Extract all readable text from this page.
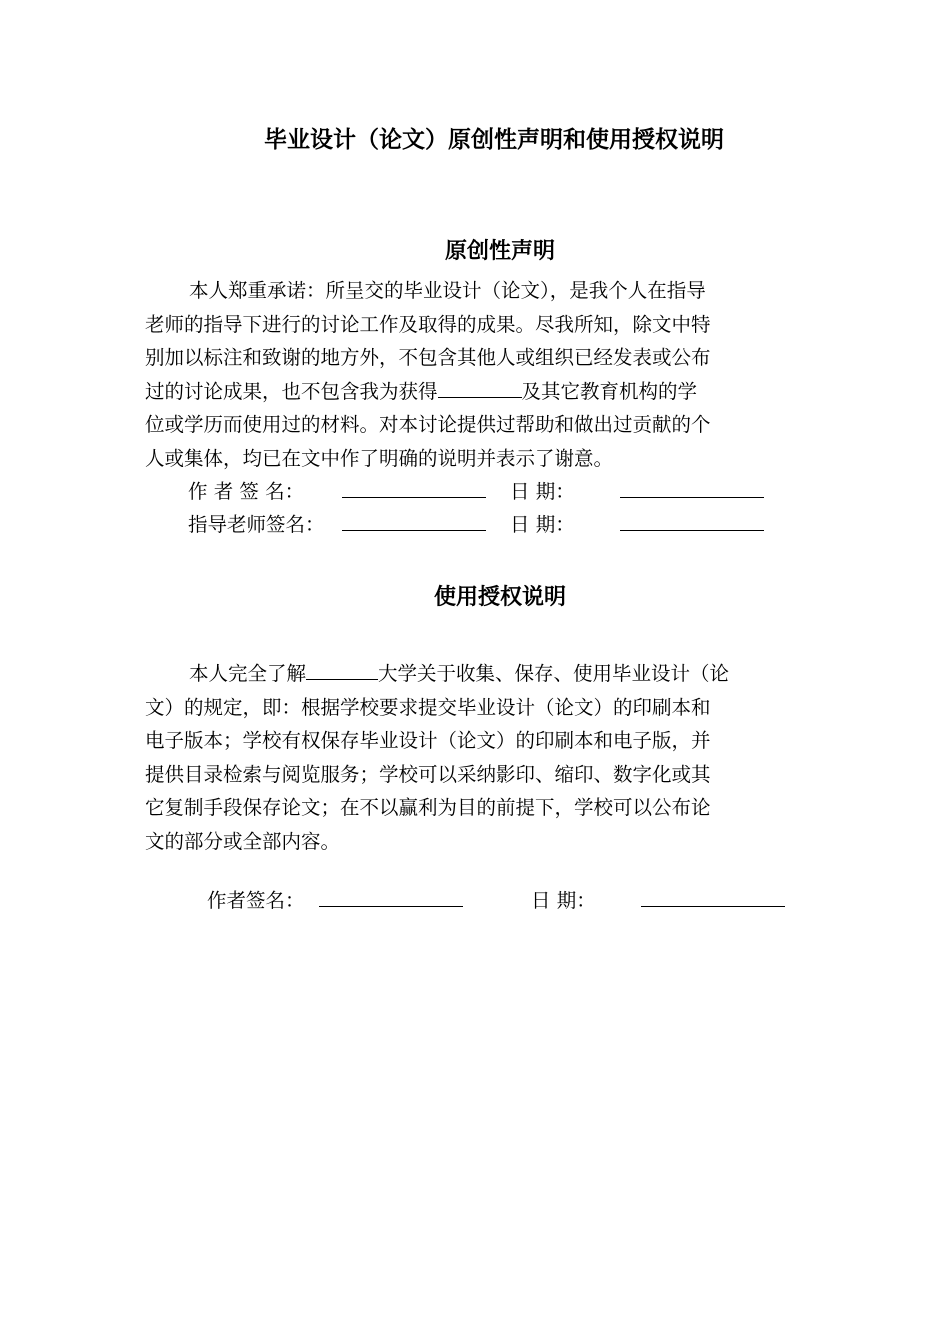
毕业设计（论文）原创性声明和使用授权说明
原创性声明
本人郑重承诺：所呈交的毕业设计（论文），是我个人在指导
老师的指导下进行的讨论工作及取得的成果。尽我所知，除文中特
别加以标注和致谢的地方外，不包含其他人或组织已经发表或公布
过的讨论成果，也不包含我为获得	及其它教育机构的学
位或学历而使用过的材料。对本讨论提供过帮助和做出过贡献的个
人或集体，均已在文中作了明确的说明并表示了谢意。
作 者 签 名：	日 期：
指导老师签名：	日 期：
使用授权说明
本人完全了解	大学关于收集、保存、使用毕业设计（论
文）的规定，即：根据学校要求提交毕业设计（论文）的印刷本和
电子版本；学校有权保存毕业设计（论文）的印刷本和电子版，并
提供目录检索与阅览服务；学校可以采纳影印、缩印、数字化或其
它复制手段保存论文；在不以赢利为目的前提下，学校可以公布论
文的部分或全部内容。
作者签名：	日 期：
